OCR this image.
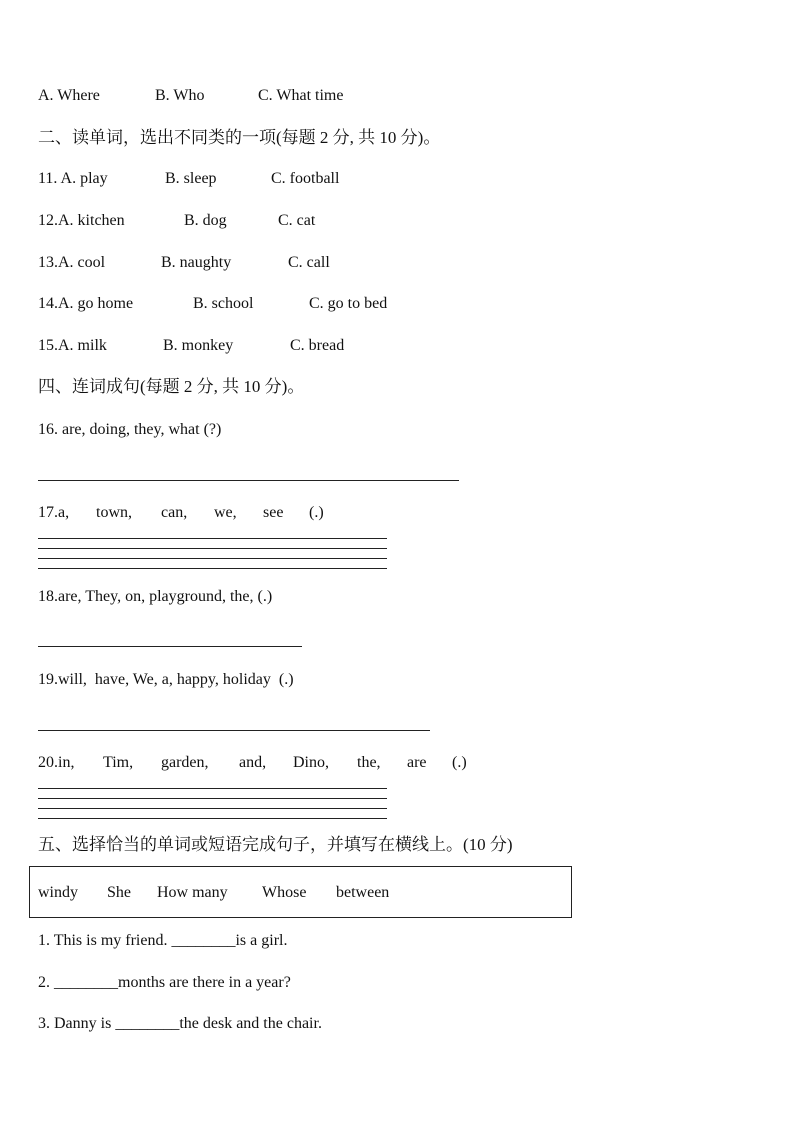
A. Where	B. Who	C. What time
二、读单词，选出不同类的一项(每题 2 分, 共 10 分)。
11. A. play	B. sleep	C. football
12.A. kitchen	B. dog	C. cat
13.A. cool	B. naughty	C. call
14.A. go home	B. school	C. go to bed
15.A. milk	B. monkey	C. bread
四、连词成句(每题 2 分, 共 10 分)。
16. are, doing, they, what (?)
17.a, town, can, we, see (.)
18.are, They, on, playground, the, (.)
19.will,  have, We, a, happy, holiday  (.)
20.in, Tim, garden, and, Dino, the, are (.)
五、选择恰当的单词或短语完成句子，并填写在横线上。(10 分)
windy She How many Whose between
1. This is my friend. ________is a girl.
2. ________months are there in a year?
3. Danny is ________the desk and the chair.
